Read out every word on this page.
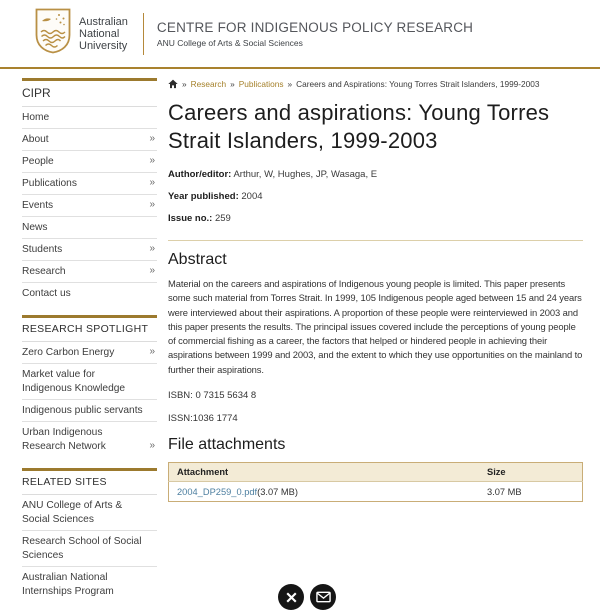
Australian
National
University
CENTRE FOR INDIGENOUS POLICY RESEARCH
ANU College of Arts & Social Sciences
CIPR
Home
About	»
People	»
Publications	»
Events	»
News
Students	»
Research	»
Contact us
RESEARCH SPOTLIGHT
Zero Carbon Energy	»
Market value for Indigenous Knowledge
Indigenous public servants
Urban Indigenous Research Network	»
RELATED SITES
ANU College of Arts & Social Sciences
Research School of Social Sciences
Australian National Internships Program
» Research » Publications » Careers and Aspirations: Young Torres Strait Islanders, 1999-2003
Careers and aspirations: Young Torres Strait Islanders, 1999-2003

Author/editor: Arthur, W, Hughes, JP, Wasaga, E

Year published: 2004

Issue no.: 259

Abstract

Material on the careers and aspirations of Indigenous young people is limited. This paper presents some such material from Torres Strait. In 1999, 105 Indigenous people aged between 15 and 24 years were interviewed about their aspirations. A proportion of these people were reinterviewed in 2003 and this paper presents the results. The principal issues covered include the perceptions of young people of commercial fishing as a career, the factors that helped or hindered people in achieving their aspirations between 1999 and 2003, and the extent to which they use opportunities on the mainland to further their aspirations.

ISBN: 0 7315 5634 8

ISSN:1036 1774

File attachments
Attachment	Size
2004_DP259_0.pdf(3.07 MB)	3.07 MB
